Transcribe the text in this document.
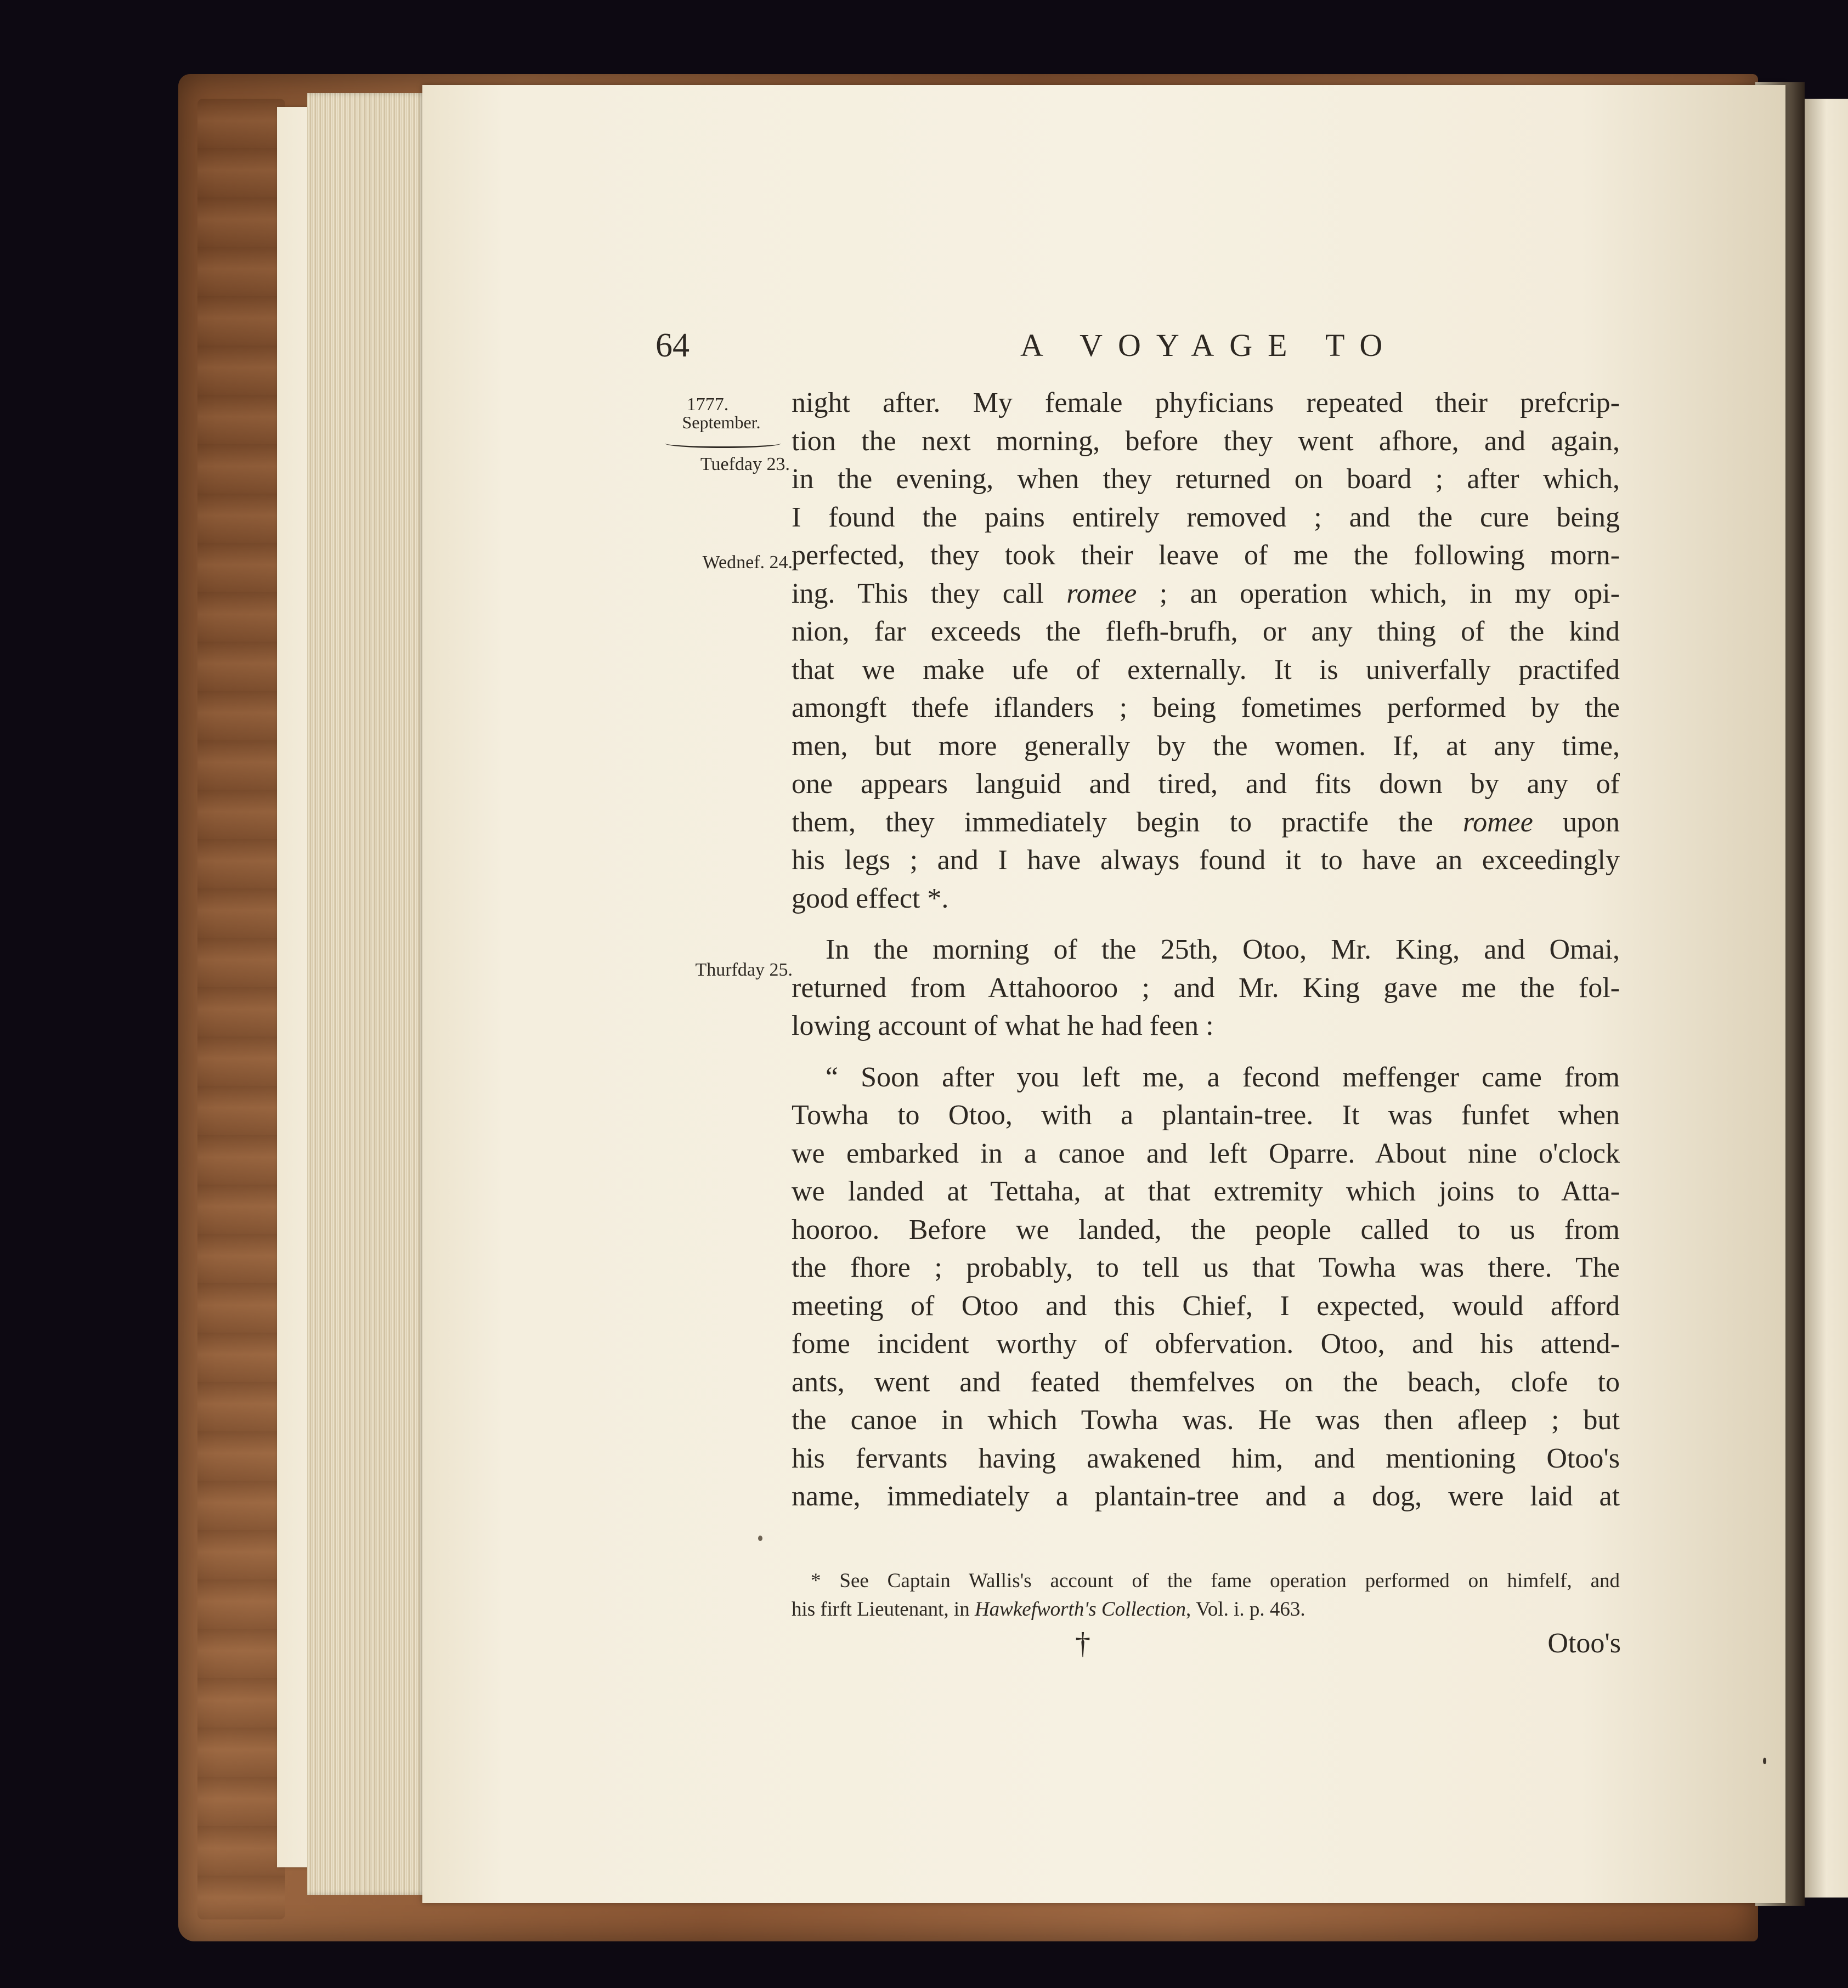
64	A VOYAGE TO
1777.
September.
Tuefday 23.
Wednef. 24.
Thurfday 25.
night after. My female phyficians repeated their prefcrip-
tion the next morning, before they went afhore, and again,
in the evening, when they returned on board ; after which,
I found the pains entirely removed ; and the cure being
perfected, they took their leave of me the following morn-
ing. This they call romee ; an operation which, in my opi-
nion, far exceeds the flefh-brufh, or any thing of the kind
that we make ufe of externally. It is univerfally practifed
amongft thefe iflanders ; being fometimes performed by the
men, but more generally by the women. If, at any time,
one appears languid and tired, and fits down by any of
them, they immediately begin to practife the romee upon
his legs ; and I have always found it to have an exceedingly
good effect *.
In the morning of the 25th, Otoo, Mr. King, and Omai,
returned from Attahooroo ; and Mr. King gave me the fol-
lowing account of what he had feen :
“ Soon after you left me, a fecond meffenger came from
Towha to Otoo, with a plantain-tree. It was funfet when
we embarked in a canoe and left Oparre. About nine o'clock
we landed at Tettaha, at that extremity which joins to Atta-
hooroo. Before we landed, the people called to us from
the fhore ; probably, to tell us that Towha was there. The
meeting of Otoo and this Chief, I expected, would afford
fome incident worthy of obfervation. Otoo, and his attend-
ants, went and feated themfelves on the beach, clofe to
the canoe in which Towha was. He was then afleep ; but
his fervants having awakened him, and mentioning Otoo's
name, immediately a plantain-tree and a dog, were laid at
* See Captain Wallis's account of the fame operation performed on himfelf, and
his firft Lieutenant, in Hawkefworth's Collection, Vol. i. p. 463.
†	Otoo's
